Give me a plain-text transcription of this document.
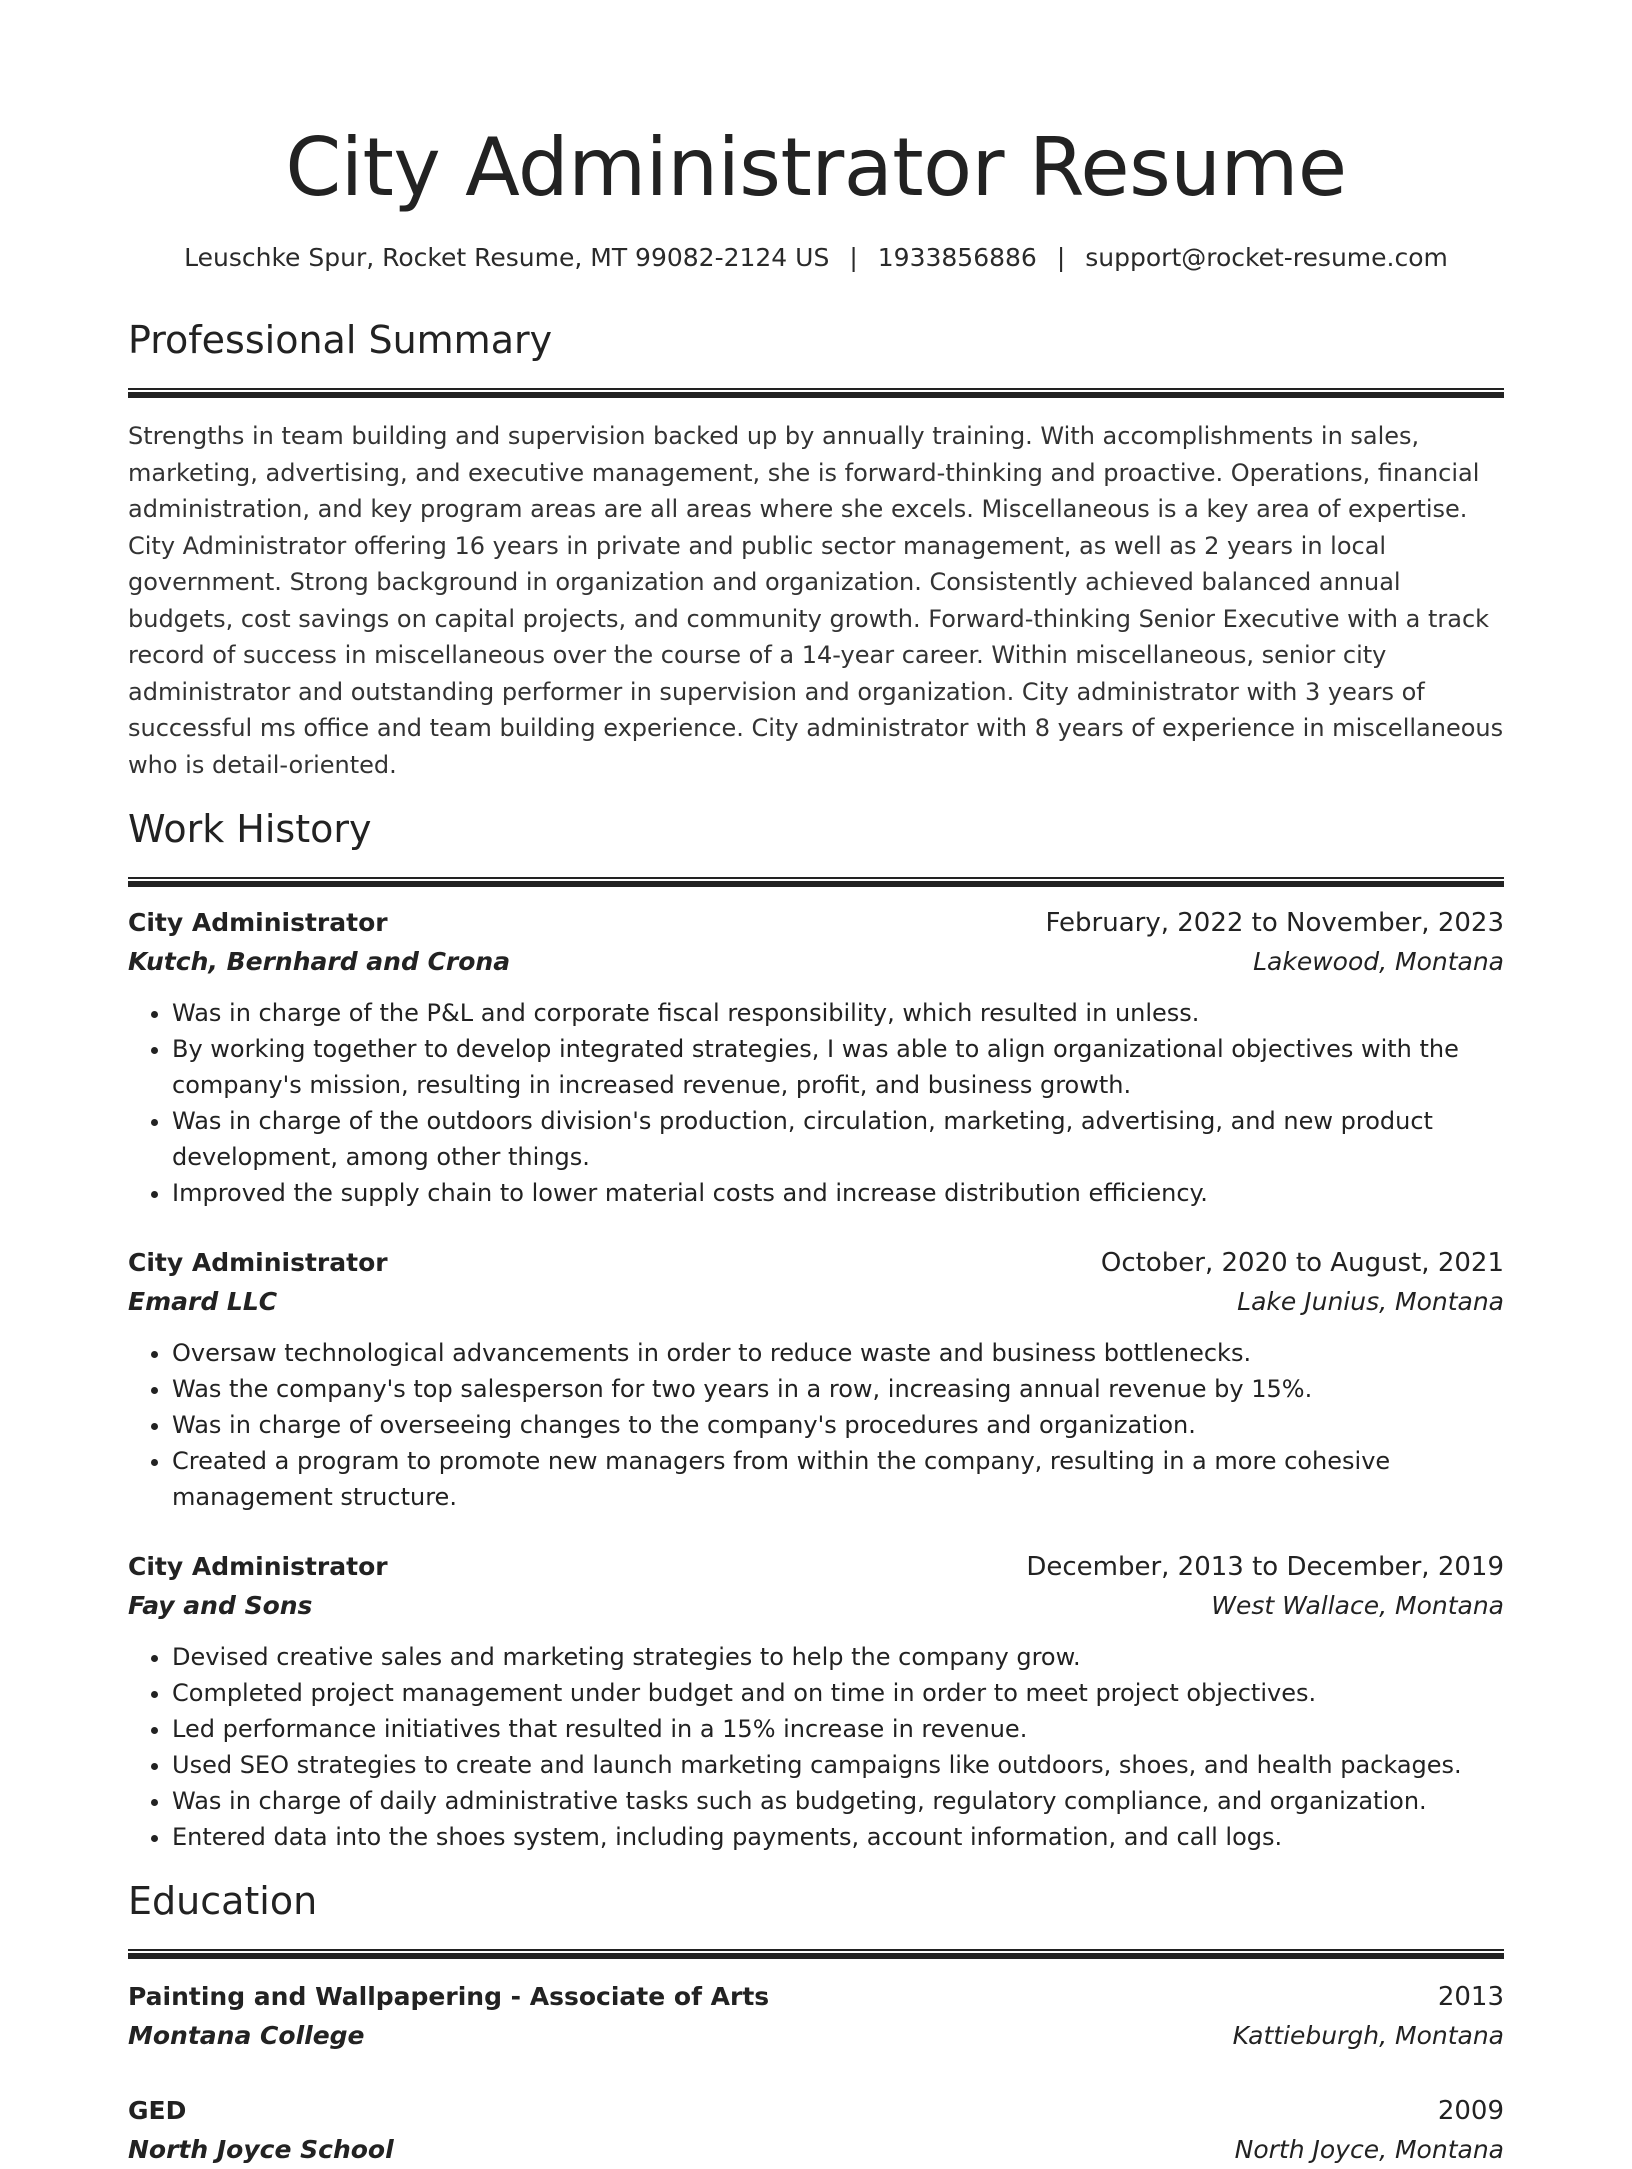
City Administrator Resume
Leuschke Spur, Rocket Resume, MT 99082-2124 US | 1933856886 | support@rocket-resume.com
Professional Summary
Strengths in team building and supervision backed up by annually training. With accomplishments in sales, marketing, advertising, and executive management, she is forward-thinking and proactive. Operations, financial administration, and key program areas are all areas where she excels. Miscellaneous is a key area of expertise. City Administrator offering 16 years in private and public sector management, as well as 2 years in local government. Strong background in organization and organization. Consistently achieved balanced annual budgets, cost savings on capital projects, and community growth. Forward-thinking Senior Executive with a track record of success in miscellaneous over the course of a 14-year career. Within miscellaneous, senior city administrator and outstanding performer in supervision and organization. City administrator with 3 years of successful ms office and team building experience. City administrator with 8 years of experience in miscellaneous who is detail-oriented.
Work History
City Administrator	February, 2022 to November, 2023
Kutch, Bernhard and Crona	Lakewood, Montana
• Was in charge of the P&L and corporate fiscal responsibility, which resulted in unless.
• By working together to develop integrated strategies, I was able to align organizational objectives with the company's mission, resulting in increased revenue, profit, and business growth.
• Was in charge of the outdoors division's production, circulation, marketing, advertising, and new product development, among other things.
• Improved the supply chain to lower material costs and increase distribution efficiency.
City Administrator	October, 2020 to August, 2021
Emard LLC	Lake Junius, Montana
• Oversaw technological advancements in order to reduce waste and business bottlenecks.
• Was the company's top salesperson for two years in a row, increasing annual revenue by 15%.
• Was in charge of overseeing changes to the company's procedures and organization.
• Created a program to promote new managers from within the company, resulting in a more cohesive management structure.
City Administrator	December, 2013 to December, 2019
Fay and Sons	West Wallace, Montana
• Devised creative sales and marketing strategies to help the company grow.
• Completed project management under budget and on time in order to meet project objectives.
• Led performance initiatives that resulted in a 15% increase in revenue.
• Used SEO strategies to create and launch marketing campaigns like outdoors, shoes, and health packages.
• Was in charge of daily administrative tasks such as budgeting, regulatory compliance, and organization.
• Entered data into the shoes system, including payments, account information, and call logs.
Education
Painting and Wallpapering - Associate of Arts	2013
Montana College	Kattieburgh, Montana
GED	2009
North Joyce School	North Joyce, Montana
